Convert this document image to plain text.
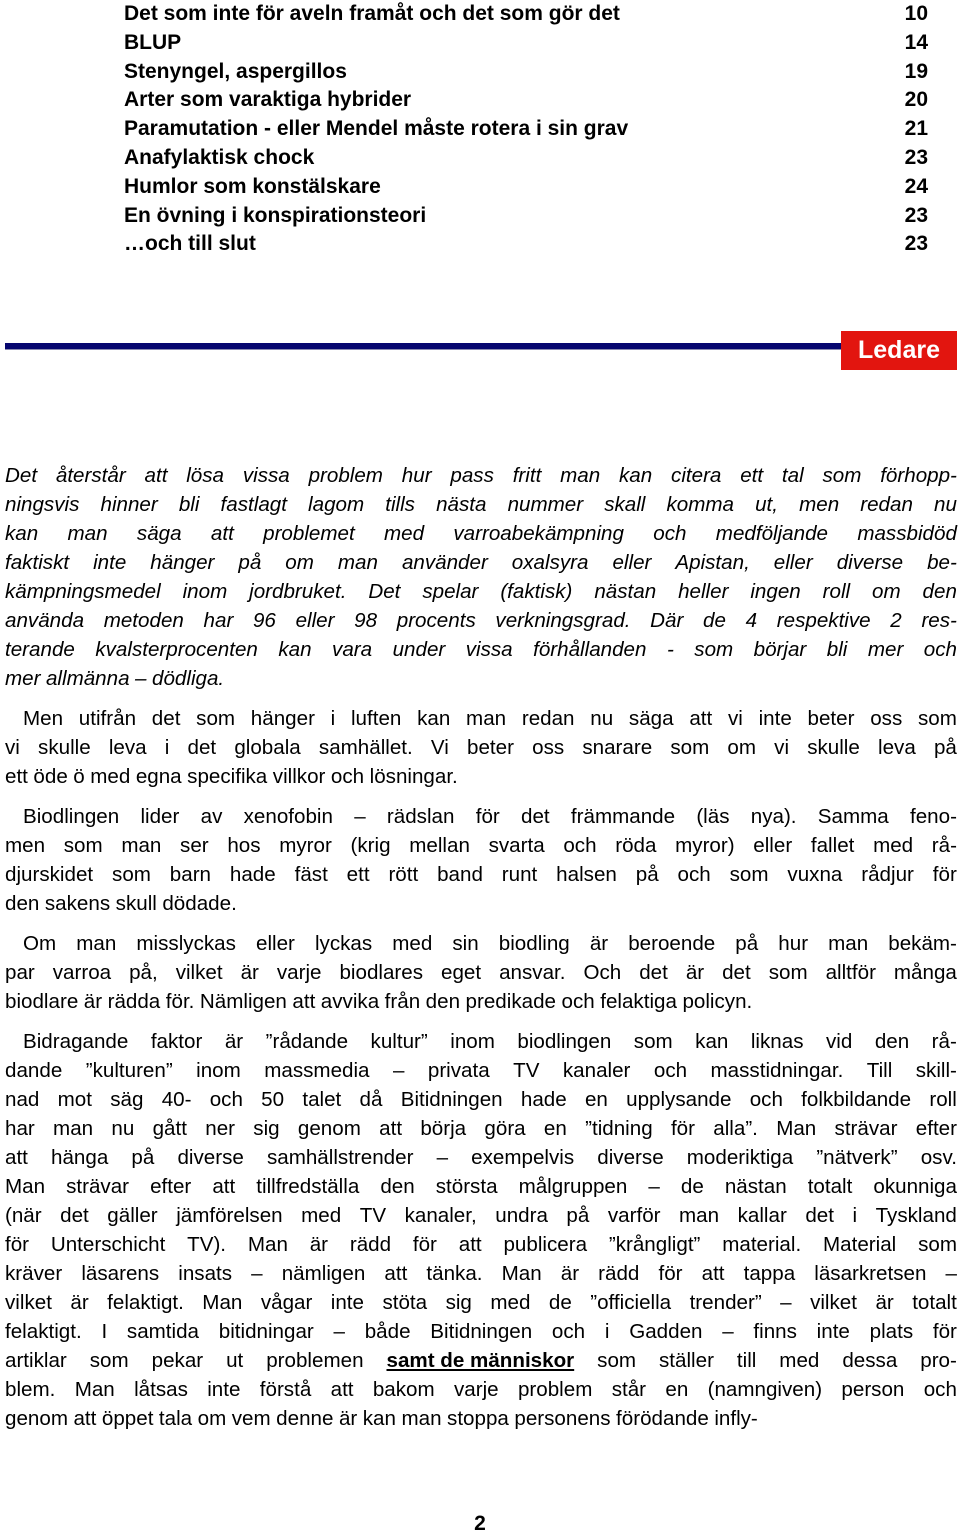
Det som inte för aveln framåt och det som gör det	10
BLUP	14
Stenyngel, aspergillos	19
Arter som varaktiga hybrider	20
Paramutation - eller Mendel måste rotera i sin grav	21
Anafylaktisk chock	23
Humlor som konstälskare	24
En övning i konspirationsteori	23
…och till slut	23
Ledare
Det återstår att lösa vissa problem hur pass fritt man kan citera ett tal som förhopp-
ningsvis hinner bli fastlagt lagom tills nästa nummer skall komma ut, men redan nu
kan man säga att problemet med varroabekämpning och medföljande massbidöd
faktiskt inte hänger på om man använder oxalsyra eller Apistan, eller diverse be-
kämpningsmedel inom jordbruket. Det spelar (faktisk) nästan heller ingen roll om den
använda metoden har 96 eller 98 procents verkningsgrad. Där de 4 respektive 2 res-
terande kvalsterprocenten kan vara under vissa förhållanden - som börjar bli mer och
mer allmänna – dödliga.
Men utifrån det som hänger i luften kan man redan nu säga att vi inte beter oss som
vi skulle leva i det globala samhället. Vi beter oss snarare som om vi skulle leva på
ett öde ö med egna specifika villkor och lösningar.
Biodlingen lider av xenofobin – rädslan för det främmande (läs nya). Samma feno-
men som man ser hos myror (krig mellan svarta och röda myror) eller fallet med rå-
djurskidet som barn hade fäst ett rött band runt halsen på och som vuxna rådjur för
den sakens skull dödade.
Om man misslyckas eller lyckas med sin biodling är beroende på hur man bekäm-
par varroa på, vilket är varje biodlares eget ansvar. Och det är det som alltför många
biodlare är rädda för. Nämligen att avvika från den predikade och felaktiga policyn.
Bidragande faktor är ”rådande kultur” inom biodlingen som kan liknas vid den rå-
dande ”kulturen” inom massmedia – privata TV kanaler och masstidningar. Till skill-
nad mot säg 40- och 50 talet då Bitidningen hade en upplysande och folkbildande roll
har man nu gått ner sig genom att börja göra en ”tidning för alla”. Man strävar efter
att hänga på diverse samhällstrender – exempelvis diverse moderiktiga ”nätverk” osv.
Man strävar efter att tillfredställa den största målgruppen – de nästan totalt okunniga
(när det gäller jämförelsen med TV kanaler, undra på varför man kallar det i Tyskland
för Unterschicht TV). Man är rädd för att publicera ”krångligt” material. Material som
kräver läsarens insats – nämligen att tänka. Man är rädd för att tappa läsarkretsen –
vilket är felaktigt. Man vågar inte stöta sig med de ”officiella trender” – vilket är totalt
felaktigt. I samtida bitidningar – både Bitidningen och i Gadden – finns inte plats för
artiklar som pekar ut problemen samt de människor som ställer till med dessa pro-
blem. Man låtsas inte förstå att bakom varje problem står en (namngiven) person och
genom att öppet tala om vem denne är kan man stoppa personens förödande infly-
2
